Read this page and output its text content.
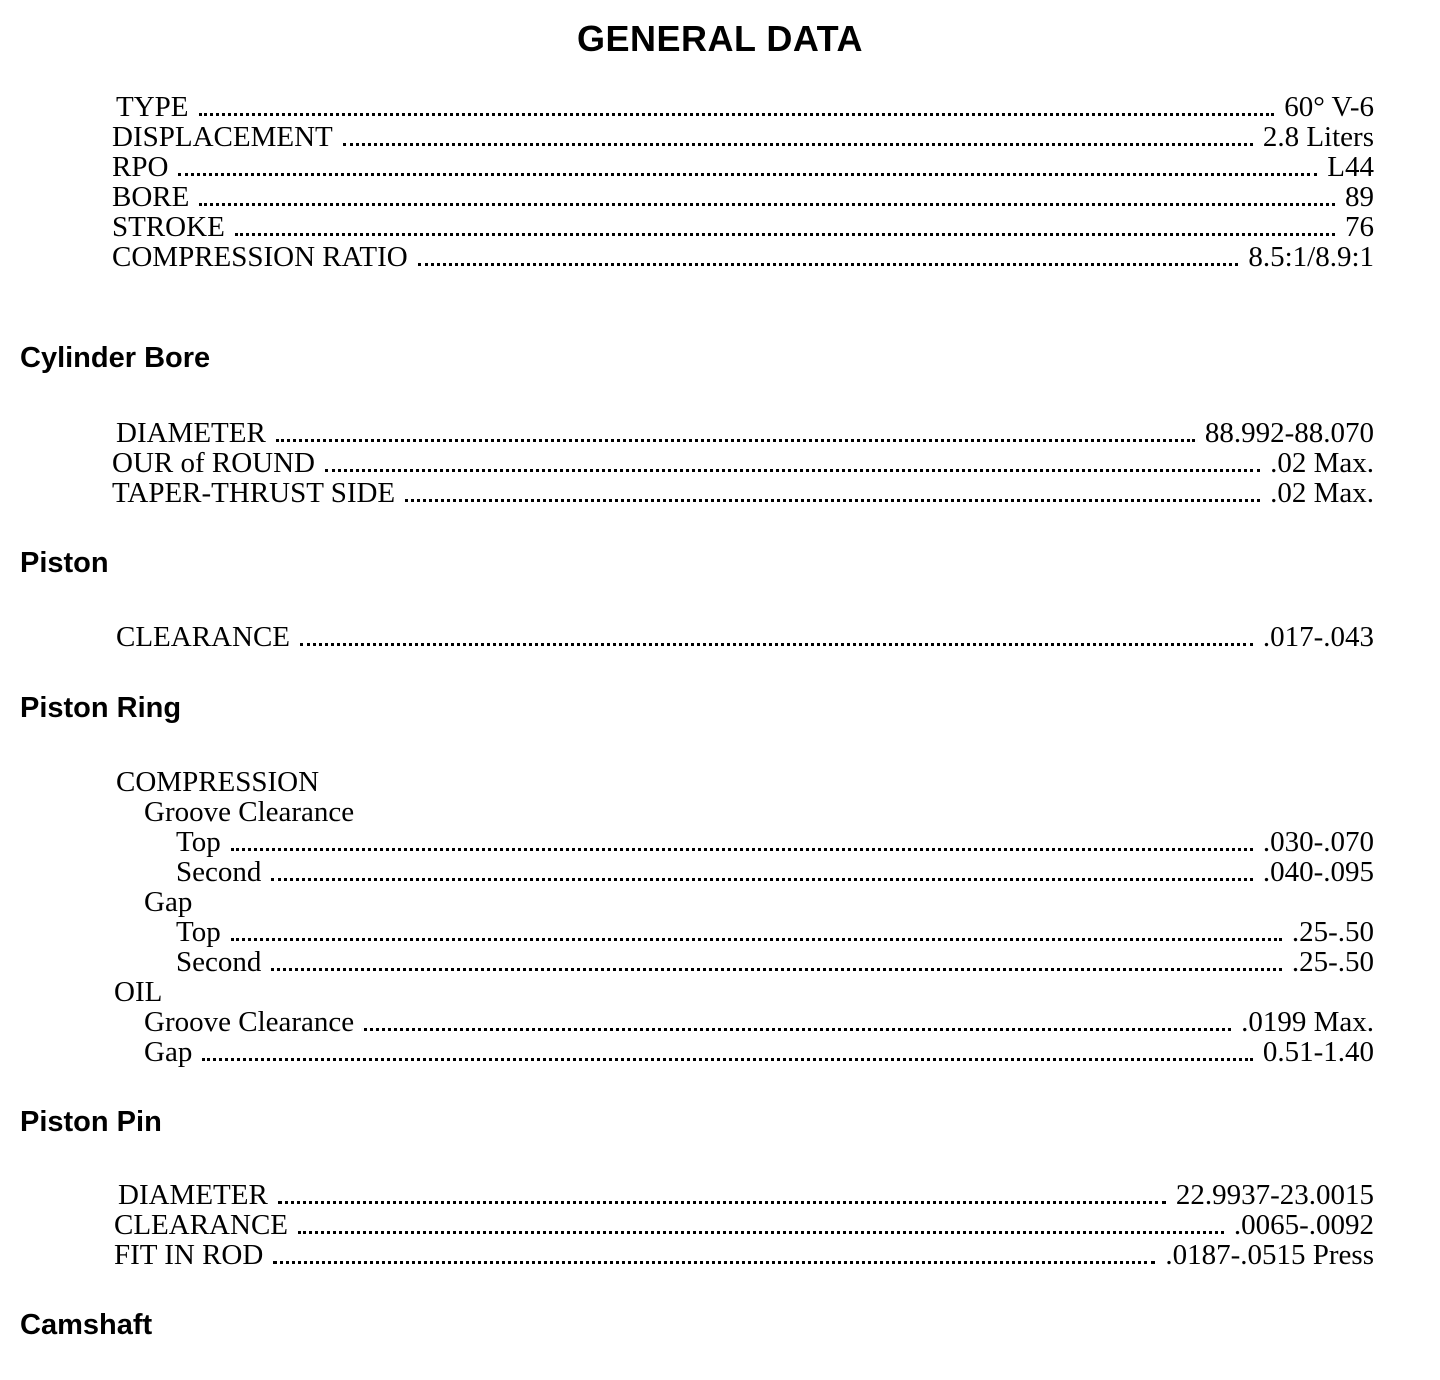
GENERAL DATA
TYPE	60° V-6
DISPLACEMENT	2.8 Liters
RPO	L44
BORE	89
STROKE	76
COMPRESSION RATIO	8.5:1/8.9:1
Cylinder Bore
DIAMETER	88.992-88.070
OUR of ROUND	.02 Max.
TAPER-THRUST SIDE	.02 Max.
Piston
CLEARANCE	.017-.043
Piston Ring
COMPRESSION
Groove Clearance
Top	.030-.070
Second	.040-.095
Gap
Top	.25-.50
Second	.25-.50
OIL
Groove Clearance	.0199 Max.
Gap	0.51-1.40
Piston Pin
DIAMETER	22.9937-23.0015
CLEARANCE	.0065-.0092
FIT IN ROD	.0187-.0515 Press
Camshaft
